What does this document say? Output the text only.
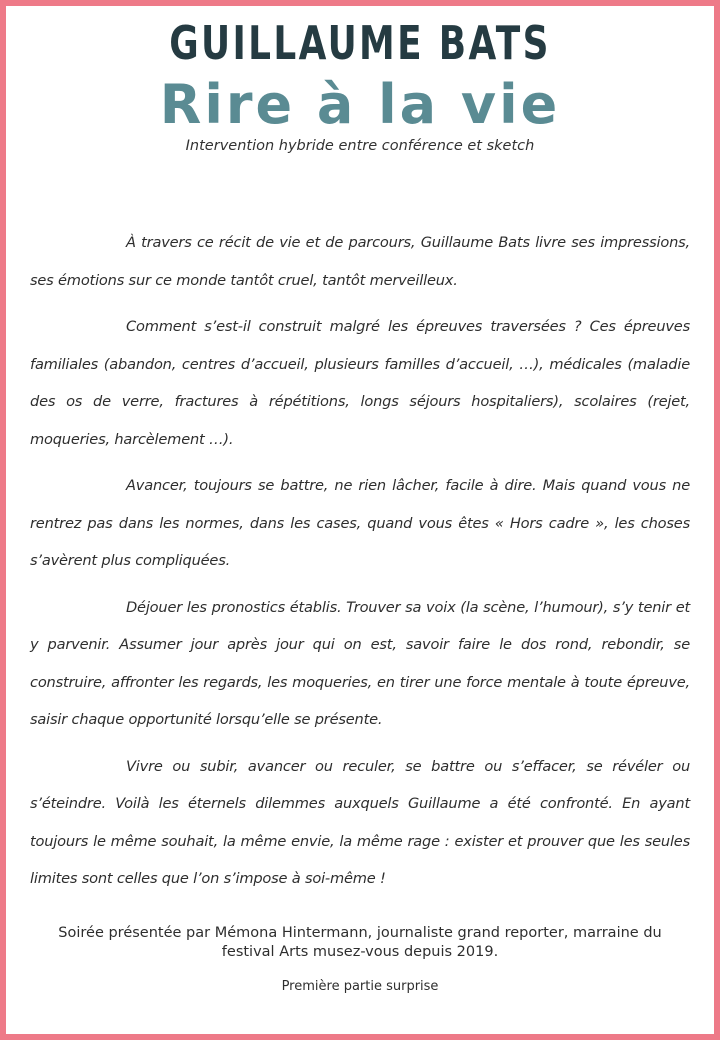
GUILLAUME BATS
Rire à la vie

Intervention hybride entre conférence et sketch

À travers ce récit de vie et de parcours, Guillaume Bats livre ses impressions, ses émotions sur ce monde tantôt cruel, tantôt merveilleux.

Comment s’est-il construit malgré les épreuves traversées ? Ces épreuves familiales (abandon, centres d’accueil, plusieurs familles d’accueil, …), médicales (maladie des os de verre, fractures à répétitions, longs séjours hospitaliers), scolaires (rejet, moqueries, harcèlement …).

Avancer, toujours se battre, ne rien lâcher, facile à dire. Mais quand vous ne rentrez pas dans les normes, dans les cases, quand vous êtes « Hors cadre », les choses s’avèrent plus compliquées.

Déjouer les pronostics établis. Trouver sa voix (la scène, l’humour), s’y tenir et y parvenir. Assumer jour après jour qui on est, savoir faire le dos rond, rebondir, se construire, affronter les regards, les moqueries, en tirer une force mentale à toute épreuve, saisir chaque opportunité lorsqu’elle se présente.

Vivre ou subir, avancer ou reculer, se battre ou s’effacer, se révéler ou s’éteindre. Voilà les éternels dilemmes auxquels Guillaume a été confronté. En ayant toujours le même souhait, la même envie, la même rage : exister et prouver que les seules limites sont celles que l’on s’impose à soi-même !

Soirée présentée par Mémona Hintermann, journaliste grand reporter, marraine du festival Arts musez-vous depuis 2019.

Première partie surprise
